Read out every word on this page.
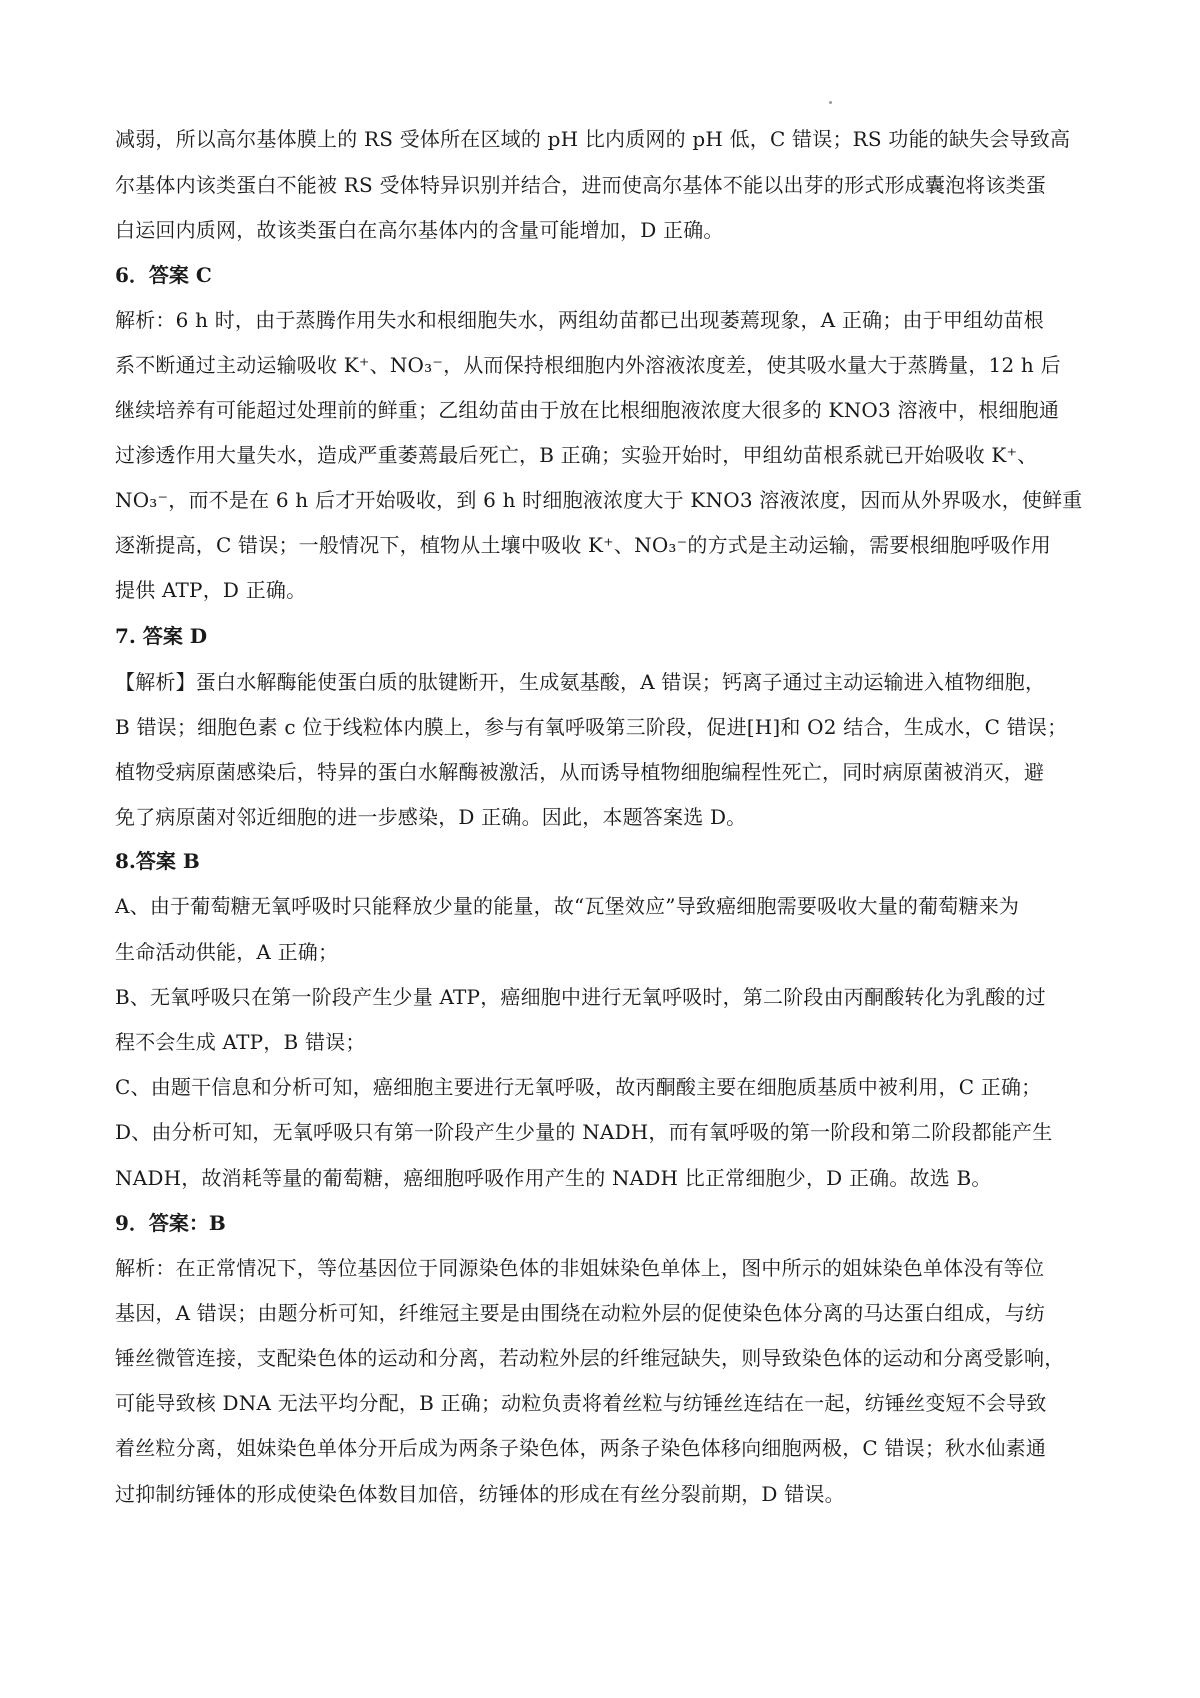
减弱，所以高尔基体膜上的 RS 受体所在区域的 pH 比内质网的 pH 低，C 错误；RS 功能的缺失会导致高
尔基体内该类蛋白不能被 RS 受体特异识别并结合，进而使高尔基体不能以出芽的形式形成囊泡将该类蛋
白运回内质网，故该类蛋白在高尔基体内的含量可能增加，D 正确。
6．答案 C
解析：6 h 时，由于蒸腾作用失水和根细胞失水，两组幼苗都已出现萎蔫现象，A 正确；由于甲组幼苗根
系不断通过主动运输吸收 K⁺、NO₃⁻，从而保持根细胞内外溶液浓度差，使其吸水量大于蒸腾量，12 h 后
继续培养有可能超过处理前的鲜重；乙组幼苗由于放在比根细胞液浓度大很多的 KNO3 溶液中，根细胞通
过渗透作用大量失水，造成严重萎蔫最后死亡，B 正确；实验开始时，甲组幼苗根系就已开始吸收 K⁺、
NO₃⁻，而不是在 6 h 后才开始吸收，到 6 h 时细胞液浓度大于 KNO3 溶液浓度，因而从外界吸水，使鲜重
逐渐提高，C 错误；一般情况下，植物从土壤中吸收 K⁺、NO₃⁻的方式是主动运输，需要根细胞呼吸作用
提供 ATP，D 正确。
7. 答案 D
【解析】蛋白水解酶能使蛋白质的肽键断开，生成氨基酸，A 错误；钙离子通过主动运输进入植物细胞，
B 错误；细胞色素 c 位于线粒体内膜上，参与有氧呼吸第三阶段，促进[H]和 O2 结合，生成水，C 错误；
植物受病原菌感染后，特异的蛋白水解酶被激活，从而诱导植物细胞编程性死亡，同时病原菌被消灭，避
免了病原菌对邻近细胞的进一步感染，D 正确。因此，本题答案选 D。
8.答案 B
A、由于葡萄糖无氧呼吸时只能释放少量的能量，故“瓦堡效应”导致癌细胞需要吸收大量的葡萄糖来为
生命活动供能，A 正确；
B、无氧呼吸只在第一阶段产生少量 ATP，癌细胞中进行无氧呼吸时，第二阶段由丙酮酸转化为乳酸的过
程不会生成 ATP，B 错误；
C、由题干信息和分析可知，癌细胞主要进行无氧呼吸，故丙酮酸主要在细胞质基质中被利用，C 正确；
D、由分析可知，无氧呼吸只有第一阶段产生少量的 NADH，而有氧呼吸的第一阶段和第二阶段都能产生
NADH，故消耗等量的葡萄糖，癌细胞呼吸作用产生的 NADH 比正常细胞少，D 正确。故选 B。
9．答案：B
解析：在正常情况下，等位基因位于同源染色体的非姐妹染色单体上，图中所示的姐妹染色单体没有等位
基因，A 错误；由题分析可知，纤维冠主要是由围绕在动粒外层的促使染色体分离的马达蛋白组成，与纺
锤丝微管连接，支配染色体的运动和分离，若动粒外层的纤维冠缺失，则导致染色体的运动和分离受影响，
可能导致核 DNA 无法平均分配，B 正确；动粒负责将着丝粒与纺锤丝连结在一起，纺锤丝变短不会导致
着丝粒分离，姐妹染色单体分开后成为两条子染色体，两条子染色体移向细胞两极，C 错误；秋水仙素通
过抑制纺锤体的形成使染色体数目加倍，纺锤体的形成在有丝分裂前期，D 错误。
